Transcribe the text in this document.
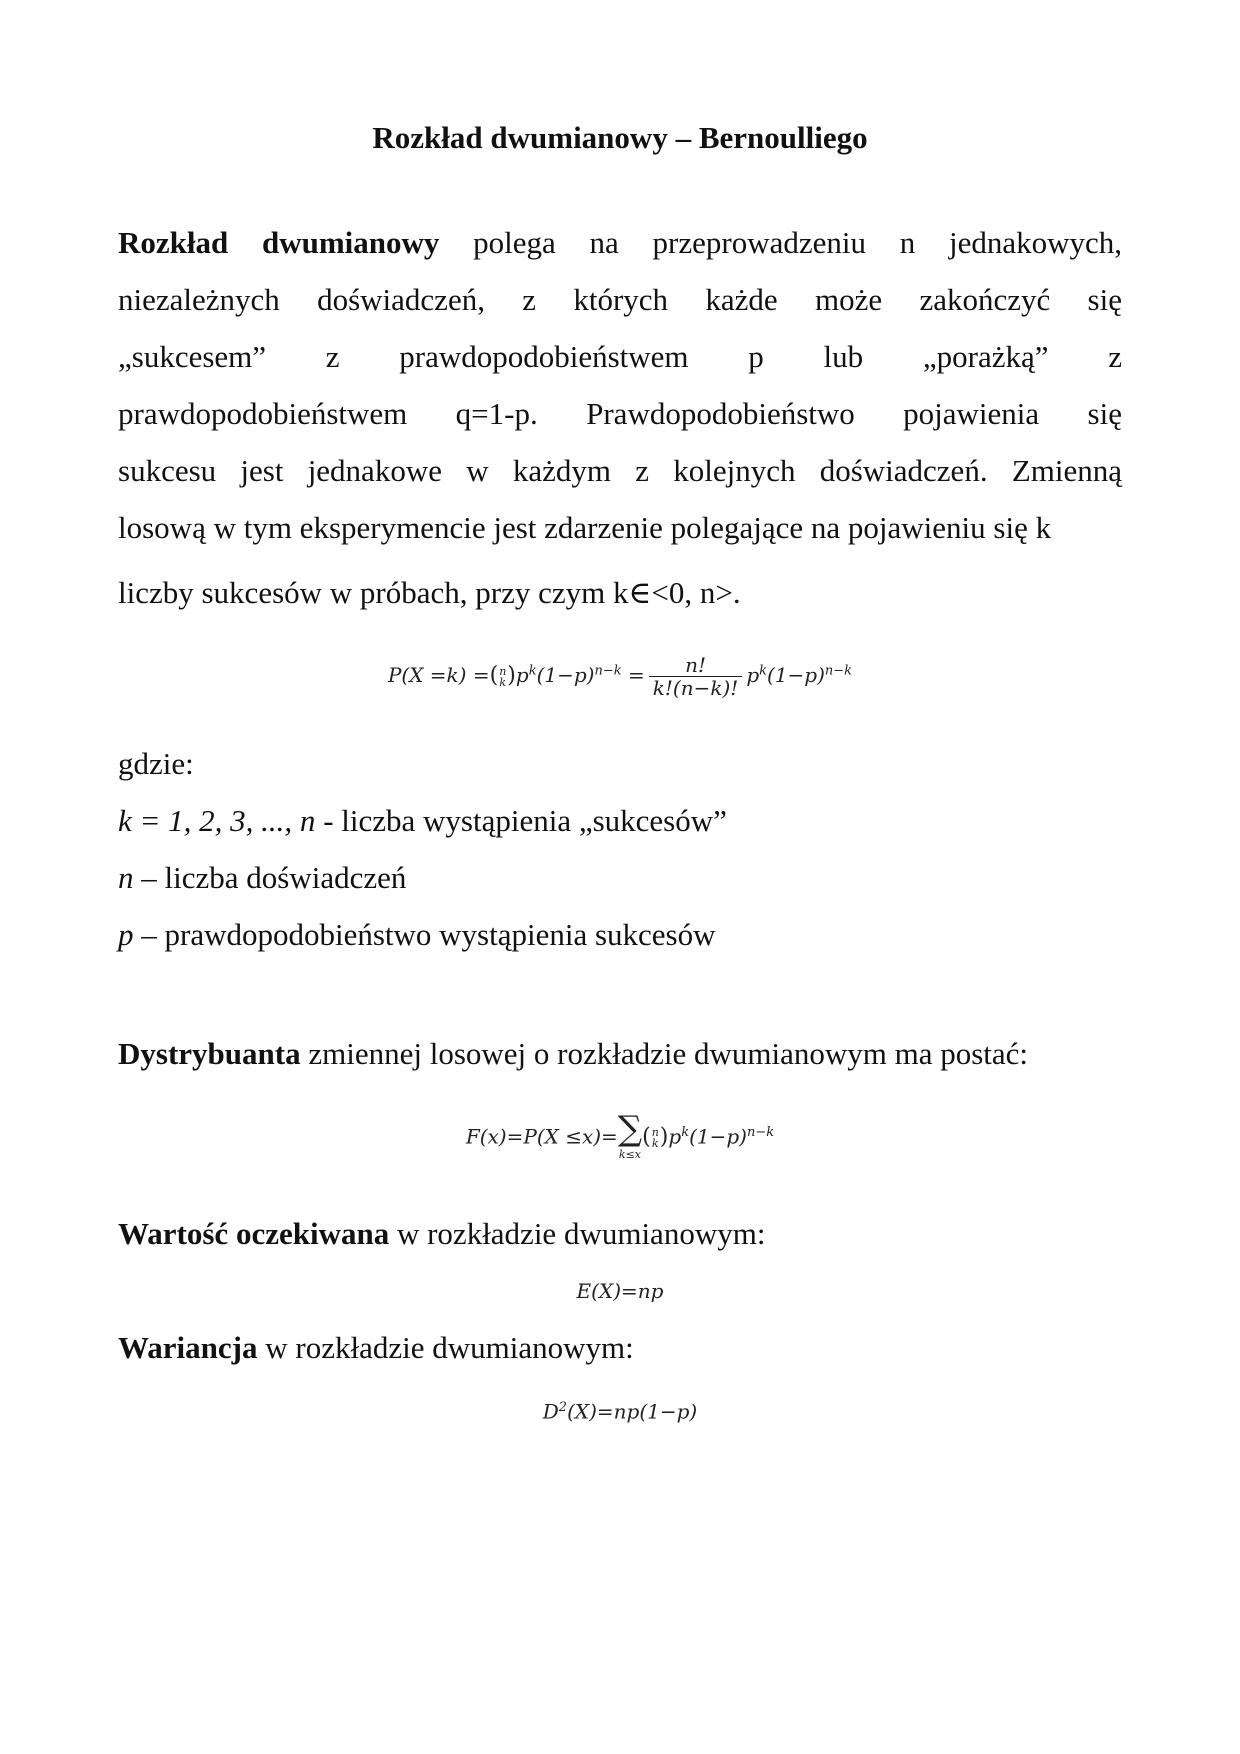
Rozkład dwumianowy – Bernoulliego
Rozkład dwumianowy polega na przeprowadzeniu n jednakowych,
niezależnych doświadczeń, z których każde może zakończyć się
„sukcesem” z prawdopodobieństwem p lub „porażką” z
prawdopodobieństwem q=1-p. Prawdopodobieństwo pojawienia się
sukcesu jest jednakowe w każdym z kolejnych doświadczeń. Zmienną
losową w tym eksperymencie jest zdarzenie polegające na pojawieniu się k
liczby sukcesów w próbach, przy czym k∈<0, n>.
P(X =k) =( n
k )$p^k(1-p)^{n-k} = \frac{n!}{k!(n-k)!} p^k(1-p)^{n-k}$
gdzie:
k = 1, 2, 3, ..., n - liczba wystąpienia „sukcesów”
n – liczba doświadczeń
p – prawdopodobieństwo wystąpienia sukcesów
Dystrybuanta zmiennej losowej o rozkładzie dwumianowym ma postać:
F(x)=P(X ≤x)= ∑
k≤x
( n
k )$p^k(1-p)^{n-k}$
Wartość oczekiwana w rozkładzie dwumianowym:
E(X)=np
Wariancja w rozkładzie dwumianowym:
$D^2(X)=np(1-p)$
